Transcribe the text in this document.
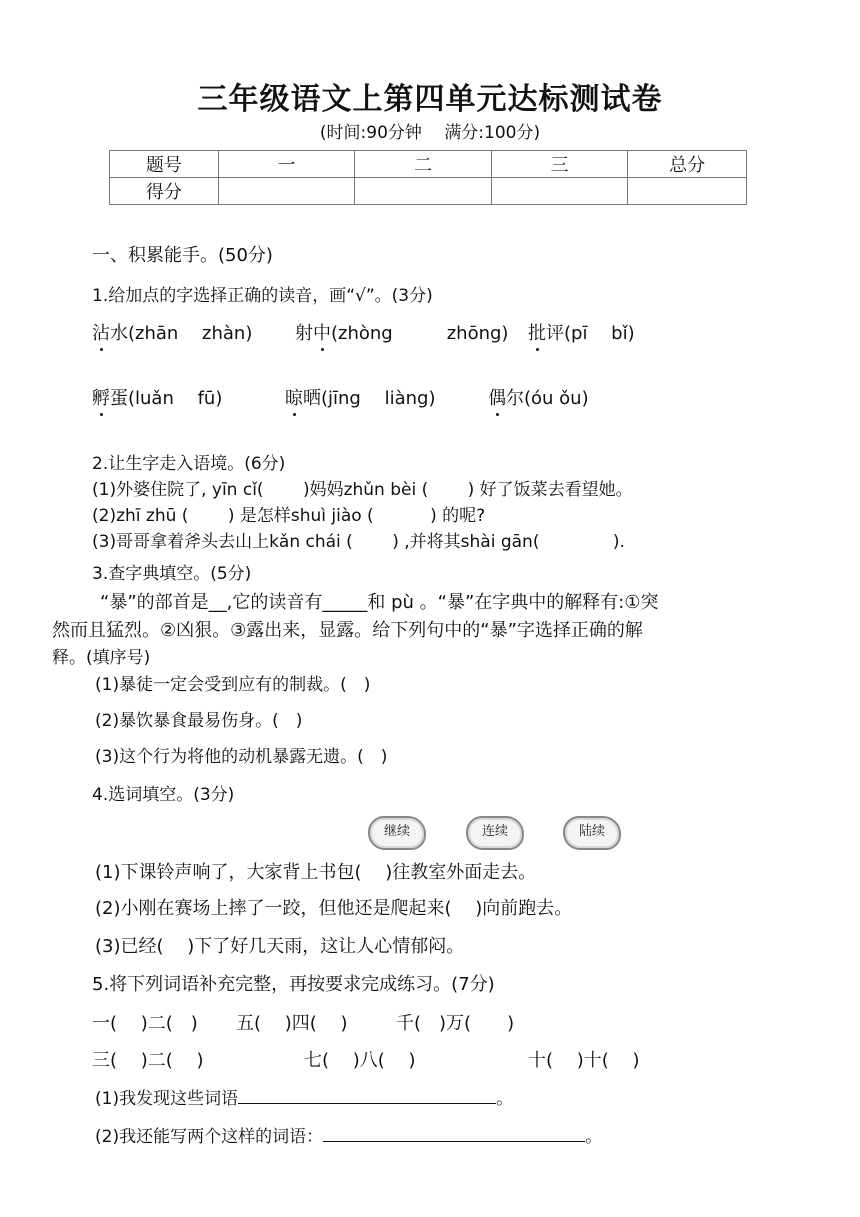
三年级语文上第四单元达标测试卷
(时间:90分钟　 满分:100分)
题号	一	二	三	总分
得分				
一、积累能手。(50分)
1.给加点的字选择正确的读音，画“√”。(3分)
沾水(zhān　 zhàn) 射中(zhòng　　　zhōng) 批评(pī　 bǐ)
孵蛋(luǎn　 fū)	晾晒(jīng　 liàng)	偶尔(óu ǒu)
2.让生字走入语境。(6分)
(1)外婆住院了, yīn cǐ(　　 )妈妈zhǔn bèi (　　 ) 好了饭菜去看望她。
(2)zhī zhū (　　 ) 是怎样shuì jiào (　　　 ) 的呢?
(3)哥哥拿着斧头去山上kǎn chái (　　 ) ,并将其shài gān(　　　　 ).
3.查字典填空。(5分)
“暴”的部首是__,它的读音有_____和 pù 。“暴”在字典中的解释有:①突
然而且猛烈。②凶狠。③露出来，显露。给下列句中的“暴”字选择正确的解
释。(填序号)
(1)暴徒一定会受到应有的制裁。(　)
(2)暴饮暴食最易伤身。(　)
(3)这个行为将他的动机暴露无遗。(　)
4.选词填空。(3分)
继续	连续	陆续
(1)下课铃声响了，大家背上书包(　 )往教室外面走去。
(2)小刚在赛场上摔了一跤，但他还是爬起来(　 )向前跑去。
(3)已经(　 )下了好几天雨，这让人心情郁闷。
5.将下列词语补充完整，再按要求完成练习。(7分)
一(　 )二(　) 五(　 )四(　 )	千(　)万(　　)
三(　 )二(　 )	七(　 )八(　 )	十(　 )十(　 )
(1)我发现这些词语	。
(2)我还能写两个这样的词语：	。
